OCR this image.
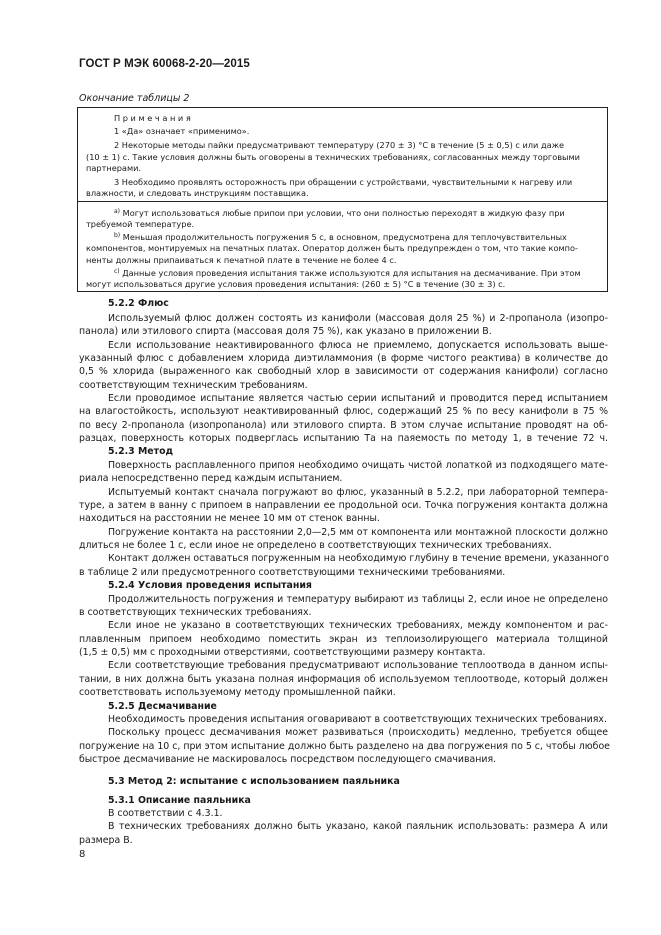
ГОСТ Р МЭК 60068-2-20—2015
Окончание таблицы 2
П р и м е ч а н и я
1 «Да» означает «применимо».
2 Некоторые методы пайки предусматривают температуру (270 ± 3) °С в течение (5 ± 0,5) с или даже
(10 ± 1) с. Такие условия должны быть оговорены в технических требованиях, согласованных между торговыми
партнерами.
3 Необходимо проявлять осторожность при обращении с устройствами, чувствительными к нагреву или
влажности, и следовать инструкциям поставщика.
$^{a)}$ Могут использоваться любые припои при условии, что они полностью переходят в жидкую фазу при
требуемой температуре.
$^{b)}$ Меньшая продолжительность погружения 5 с, в основном, предусмотрена для теплочувствительных
компонентов, монтируемых на печатных платах. Оператор должен быть предупрежден о том, что такие компо-
ненты должны припаиваться к печатной плате в течение не более 4 с.
$^{c)}$ Данные условия проведения испытания также используются для испытания на десмачивание. При этом
могут использоваться другие условия проведения испытания: (260 ± 5) °С в течение (30 ± 3) с.
5.2.2 Флюс
Используемый флюс должен состоять из канифоли (массовая доля 25 %) и 2-пропанола (изопро-
панола) или этилового спирта (массовая доля 75 %), как указано в приложении В.
Если использование неактивированного флюса не приемлемо, допускается использовать выше-
указанный флюс с добавлением хлорида диэтиламмония (в форме чистого реактива) в количестве до
0,5 % хлорида (выраженного как свободный хлор в зависимости от содержания канифоли) согласно
соответствующим техническим требованиям.
Если проводимое испытание является частью серии испытаний и проводится перед испытанием
на влагостойкость, используют неактивированный флюс, содержащий 25 % по весу канифоли в 75 %
по весу 2-пропанола (изопропанола) или этилового спирта. В этом случае испытание проводят на об-
разцах, поверхность которых подверглась испытанию Та на паяемость по методу 1, в течение 72 ч.
5.2.3 Метод
Поверхность расплавленного припоя необходимо очищать чистой лопаткой из подходящего мате-
риала непосредственно перед каждым испытанием.
Испытуемый контакт сначала погружают во флюс, указанный в 5.2.2, при лабораторной темпера-
туре, а затем в ванну с припоем в направлении ее продольной оси. Точка погружения контакта должна
находиться на расстоянии не менее 10 мм от стенок ванны.
Погружение контакта на расстоянии 2,0—2,5 мм от компонента или монтажной плоскости должно
длиться не более 1 с, если иное не определено в соответствующих технических требованиях.
Контакт должен оставаться погруженным на необходимую глубину в течение времени, указанного
в таблице 2 или предусмотренного соответствующими техническими требованиями.
5.2.4 Условия проведения испытания
Продолжительность погружения и температуру выбирают из таблицы 2, если иное не определено
в соответствующих технических требованиях.
Если иное не указано в соответствующих технических требованиях, между компонентом и рас-
плавленным припоем необходимо поместить экран из теплоизолирующего материала толщиной
(1,5 ± 0,5) мм с проходными отверстиями, соответствующими размеру контакта.
Если соответствующие требования предусматривают использование теплоотвода в данном испы-
тании, в них должна быть указана полная информация об используемом теплоотводе, который должен
соответствовать используемому методу промышленной пайки.
5.2.5 Десмачивание
Необходимость проведения испытания оговаривают в соответствующих технических требованиях.
Поскольку процесс десмачивания может развиваться (происходить) медленно, требуется общее
погружение на 10 с, при этом испытание должно быть разделено на два погружения по 5 с, чтобы любое
быстрое десмачивание не маскировалось посредством последующего смачивания.
5.3 Метод 2: испытание с использованием паяльника
5.3.1 Описание паяльника
В соответствии с 4.3.1.
В технических требованиях должно быть указано, какой паяльник использовать: размера А или
размера В.
8
